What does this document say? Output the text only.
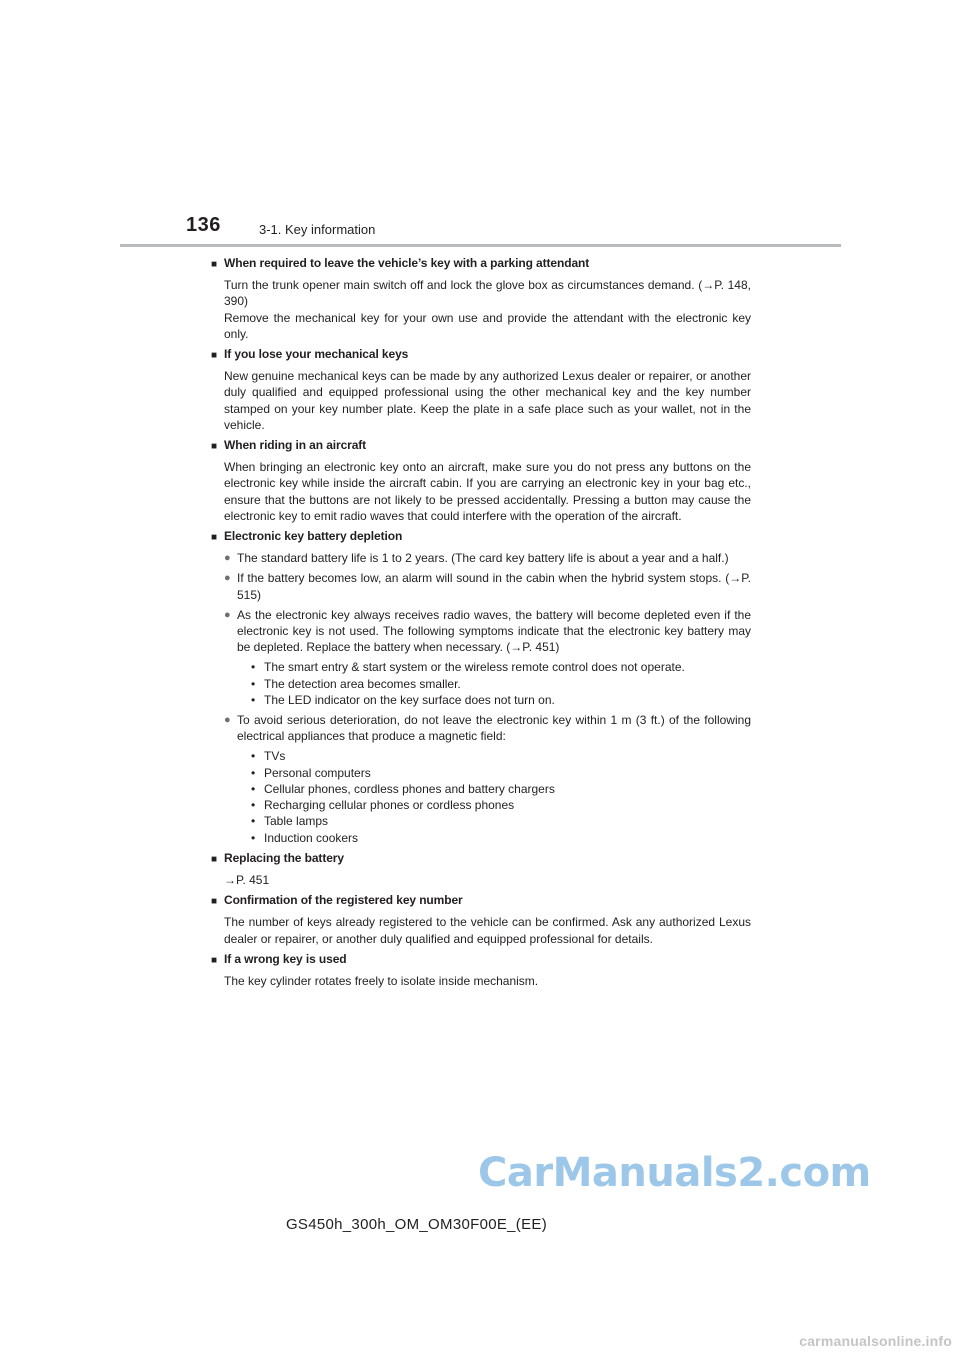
136	3-1. Key information
■ When required to leave the vehicle’s key with a parking attendant
Turn the trunk opener main switch off and lock the glove box as circumstances demand. (→P. 148, 390)
Remove the mechanical key for your own use and provide the attendant with the electronic key only.
■ If you lose your mechanical keys
New genuine mechanical keys can be made by any authorized Lexus dealer or repairer, or another duly qualified and equipped professional using the other mechanical key and the key number stamped on your key number plate. Keep the plate in a safe place such as your wallet, not in the vehicle.
■ When riding in an aircraft
When bringing an electronic key onto an aircraft, make sure you do not press any buttons on the electronic key while inside the aircraft cabin. If you are carrying an electronic key in your bag etc., ensure that the buttons are not likely to be pressed accidentally. Pressing a button may cause the electronic key to emit radio waves that could interfere with the operation of the aircraft.
■ Electronic key battery depletion
● The standard battery life is 1 to 2 years. (The card key battery life is about a year and a half.)
● If the battery becomes low, an alarm will sound in the cabin when the hybrid system stops. (→P. 515)
● As the electronic key always receives radio waves, the battery will become depleted even if the electronic key is not used. The following symptoms indicate that the electronic key battery may be depleted. Replace the battery when necessary. (→P. 451)
• The smart entry & start system or the wireless remote control does not operate.
• The detection area becomes smaller.
• The LED indicator on the key surface does not turn on.
● To avoid serious deterioration, do not leave the electronic key within 1 m (3 ft.) of the following electrical appliances that produce a magnetic field:
• TVs
• Personal computers
• Cellular phones, cordless phones and battery chargers
• Recharging cellular phones or cordless phones
• Table lamps
• Induction cookers
■ Replacing the battery
→P. 451
■ Confirmation of the registered key number
The number of keys already registered to the vehicle can be confirmed. Ask any authorized Lexus dealer or repairer, or another duly qualified and equipped professional for details.
■ If a wrong key is used
The key cylinder rotates freely to isolate inside mechanism.
CarManuals2.com
GS450h_300h_OM_OM30F00E_(EE)
carmanualsonline.info
